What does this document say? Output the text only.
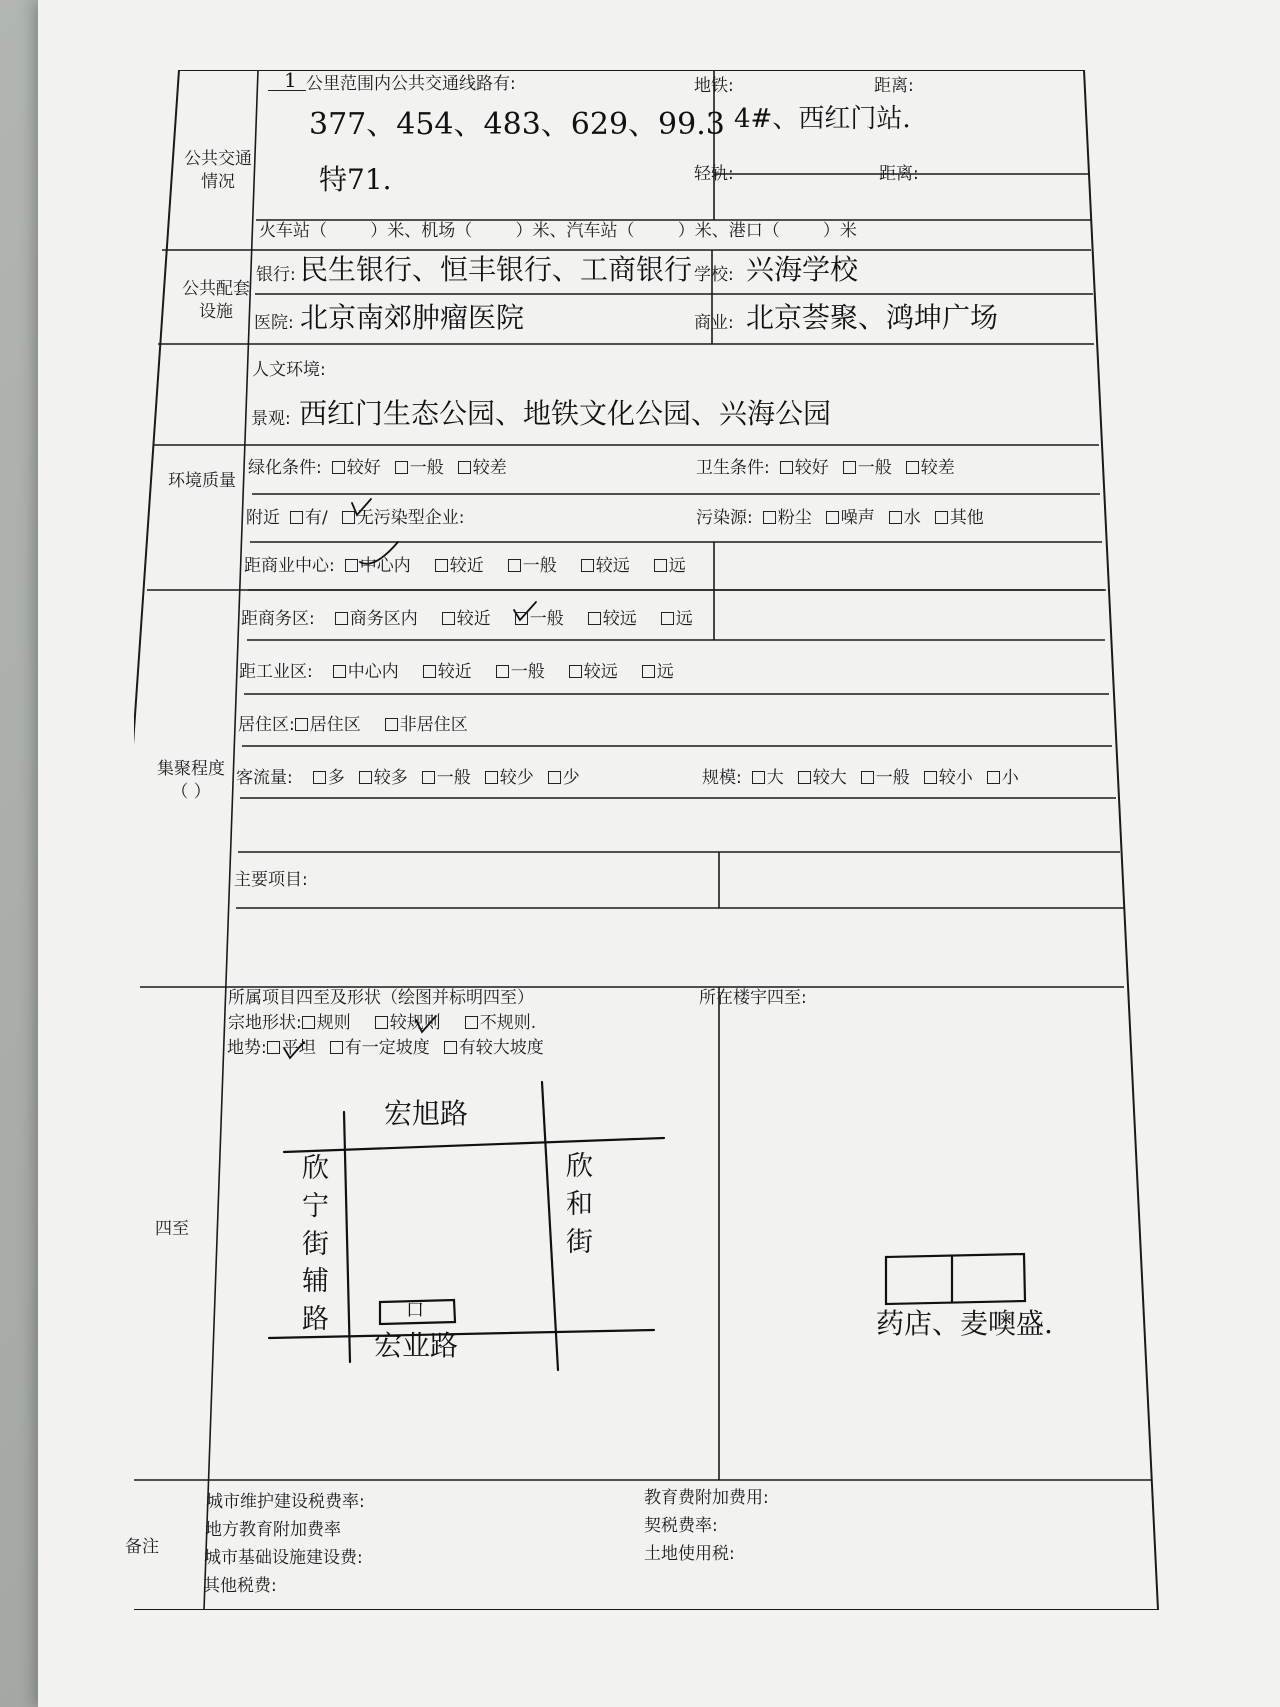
公共交通
情况
公共配套
设施
环境质量
集聚程度
（ ）
四至
备注
1 公里范围内公共交通线路有:
377、454、483、629、99.3
特71.
地铁:	距离:
4#、西红门站.
轻轨:	距离:
火车站（        ）米、机场（        ）米、汽车站（        ）米、港口（        ）米
银行: 民生银行、恒丰银行、工商银行 学校: 兴海学校
医院: 北京南郊肿瘤医院	商业: 北京荟聚、鸿坤广场
人文环境:
景观: 西红门生态公园、地铁文化公园、兴海公园
绿化条件: 较好 一般 较差	卫生条件: 较好 一般 较差
附近 有/ 无污染型企业:	污染源: 粉尘 噪声 水 其他
距商业中心: 中心内 较近 一般 较远 远
距商务区: 商务区内 较近 一般 较远 远
距工业区: 中心内 较近 一般 较远 远
居住区: 居住区 非居住区
客流量: 多 较多 一般 较少 少	规模: 大 较大 一般 较小 小
主要项目:
所属项目四至及形状（绘图并标明四至）
宗地形状: 规则 较规则 不规则.
地势: 平坦 有一定坡度 有较大坡度
所在楼宇四至:
宏旭路
宏业路
欣宁街辅路
欣和街
口	药店、麦噢盛.
城市维护建设税费率:
地方教育附加费率
城市基础设施建设费:
其他税费:
教育费附加费用:
契税费率:
土地使用税:
